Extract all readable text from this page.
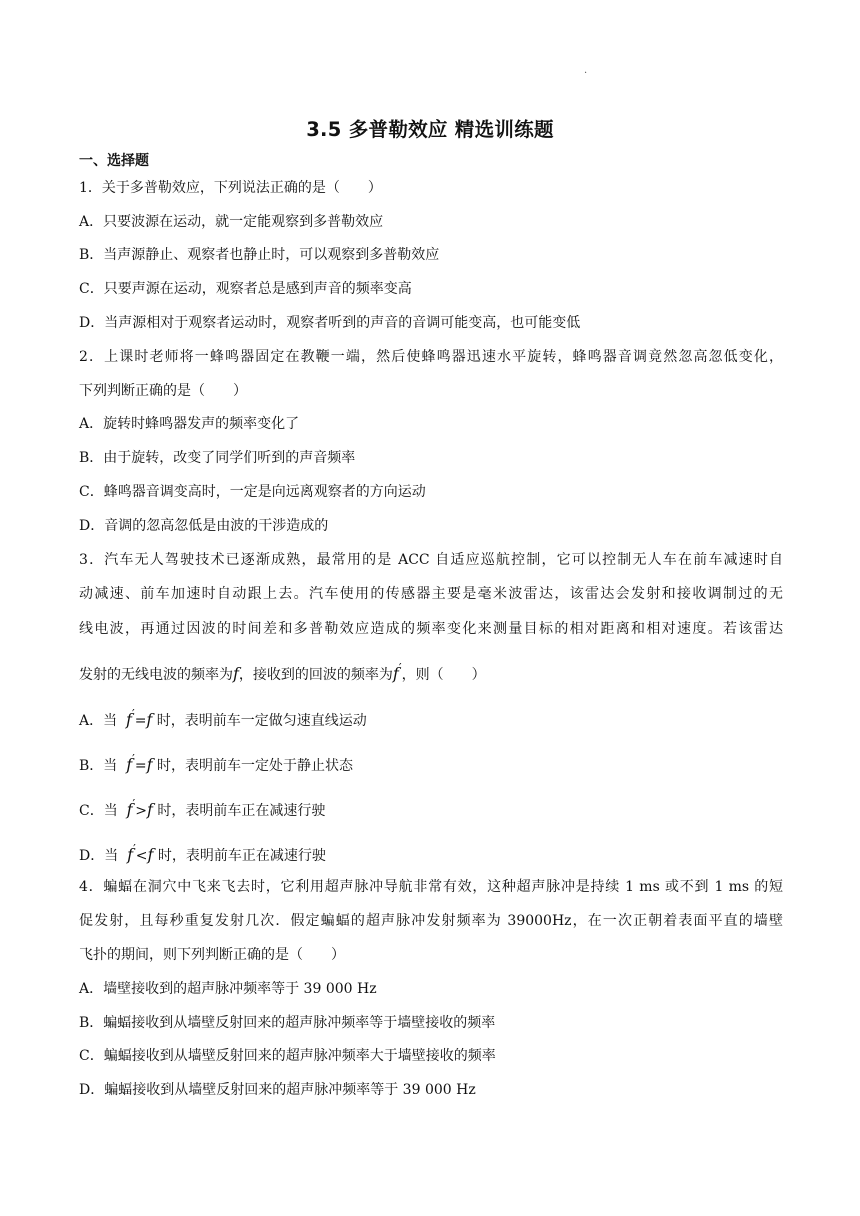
.
3.5 多普勒效应 精选训练题
一、选择题
1．关于多普勒效应，下列说法正确的是（　　）
A．只要波源在运动，就一定能观察到多普勒效应
B．当声源静止、观察者也静止时，可以观察到多普勒效应
C．只要声源在运动，观察者总是感到声音的频率变高
D．当声源相对于观察者运动时，观察者听到的声音的音调可能变高，也可能变低
2．上课时老师将一蜂鸣器固定在教鞭一端，然后使蜂鸣器迅速水平旋转，蜂鸣器音调竟然忽高忽低变化，
下列判断正确的是（　　）
A．旋转时蜂鸣器发声的频率变化了
B．由于旋转，改变了同学们听到的声音频率
C．蜂鸣器音调变高时，一定是向远离观察者的方向运动
D．音调的忽高忽低是由波的干涉造成的
3．汽车无人驾驶技术已逐渐成熟，最常用的是 ACC 自适应巡航控制，它可以控制无人车在前车减速时自
动减速、前车加速时自动跟上去。汽车使用的传感器主要是毫米波雷达，该雷达会发射和接收调制过的无
线电波，再通过因波的时间差和多普勒效应造成的频率变化来测量目标的相对距离和相对速度。若该雷达
发射的无线电波的频率为f，接收到的回波的频率为f′，则（　　）
A．当 f′=f 时，表明前车一定做匀速直线运动
B．当 f′=f 时，表明前车一定处于静止状态
C．当 f′>f 时，表明前车正在减速行驶
D．当 f′<f 时，表明前车正在减速行驶
4．蝙蝠在洞穴中飞来飞去时，它利用超声脉冲导航非常有效，这种超声脉冲是持续 1 ms 或不到 1 ms 的短
促发射，且每秒重复发射几次．假定蝙蝠的超声脉冲发射频率为 39000Hz，在一次正朝着表面平直的墙壁
飞扑的期间，则下列判断正确的是（　　）
A．墙壁接收到的超声脉冲频率等于 39 000 Hz
B．蝙蝠接收到从墙壁反射回来的超声脉冲频率等于墙壁接收的频率
C．蝙蝠接收到从墙壁反射回来的超声脉冲频率大于墙壁接收的频率
D．蝙蝠接收到从墙壁反射回来的超声脉冲频率等于 39 000 Hz
